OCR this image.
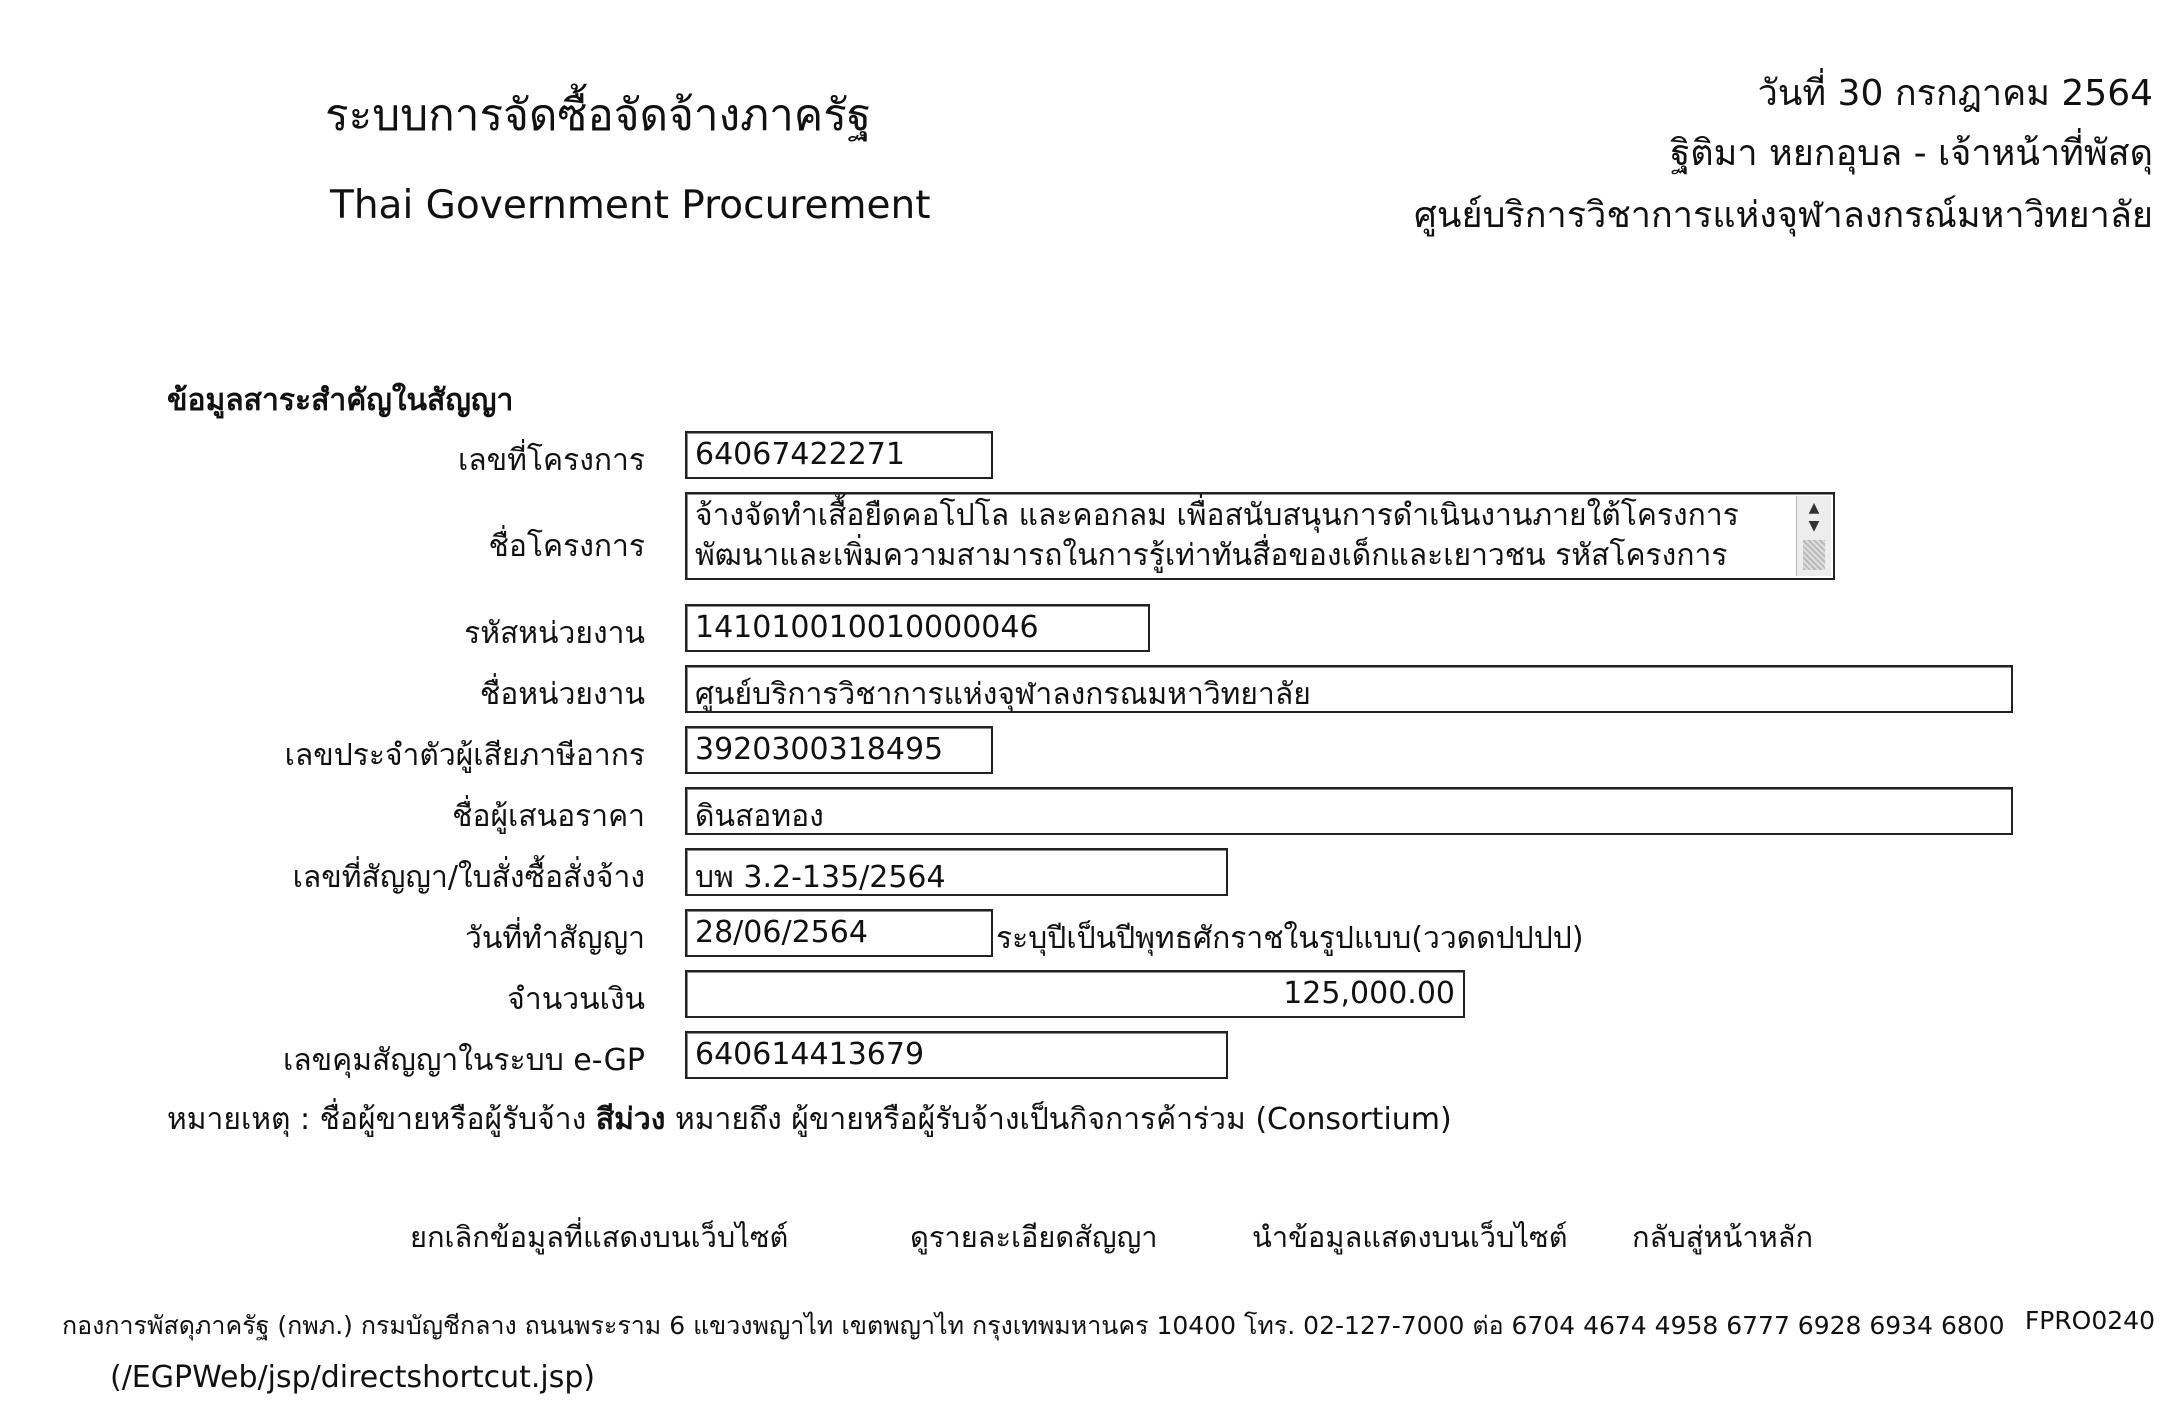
ระบบการจัดซื้อจัดจ้างภาครัฐ
Thai Government Procurement
วันที่ 30 กรกฎาคม 2564
ฐิติมา หยกอุบล - เจ้าหน้าที่พัสดุ
ศูนย์บริการวิชาการแห่งจุฬาลงกรณ์มหาวิทยาลัย
ข้อมูลสาระสำคัญในสัญญา
เลขที่โครงการ	64067422271
ชื่อโครงการ
จ้างจัดทำเสื้อยืดคอโปโล และคอกลม เพื่อสนับสนุนการดำเนินงานภายใต้โครงการ พัฒนาและเพิ่มความสามารถในการรู้เท่าทันสื่อของเด็กและเยาวชน รหัสโครงการ
▲
▼
รหัสหน่วยงาน	141010010010000046
ชื่อหน่วยงาน	ศูนย์บริการวิชาการแห่งจุฬาลงกรณมหาวิทยาลัย
เลขประจำตัวผู้เสียภาษีอากร	3920300318495
ชื่อผู้เสนอราคา	ดินสอทอง
เลขที่สัญญา/ใบสั่งซื้อสั่งจ้าง	บพ 3.2-135/2564
วันที่ทำสัญญา	28/06/2564	ระบุปีเป็นปีพุทธศักราชในรูปแบบ(ววดดปปปป)
จำนวนเงิน	125,000.00
เลขคุมสัญญาในระบบ e-GP	640614413679
หมายเหตุ : ชื่อผู้ขายหรือผู้รับจ้าง สีม่วง หมายถึง ผู้ขายหรือผู้รับจ้างเป็นกิจการค้าร่วม (Consortium)
ยกเลิกข้อมูลที่แสดงบนเว็บไซต์	ดูรายละเอียดสัญญา	นำข้อมูลแสดงบนเว็บไซต์ กลับสู่หน้าหลัก
กองการพัสดุภาครัฐ (กพภ.) กรมบัญชีกลาง ถนนพระราม 6 แขวงพญาไท เขตพญาไท กรุงเทพมหานคร 10400 โทร. 02-127-7000 ต่อ 6704 4674 4958 6777 6928 6934 6800 FPRO0240
(/EGPWeb/jsp/directshortcut.jsp)
